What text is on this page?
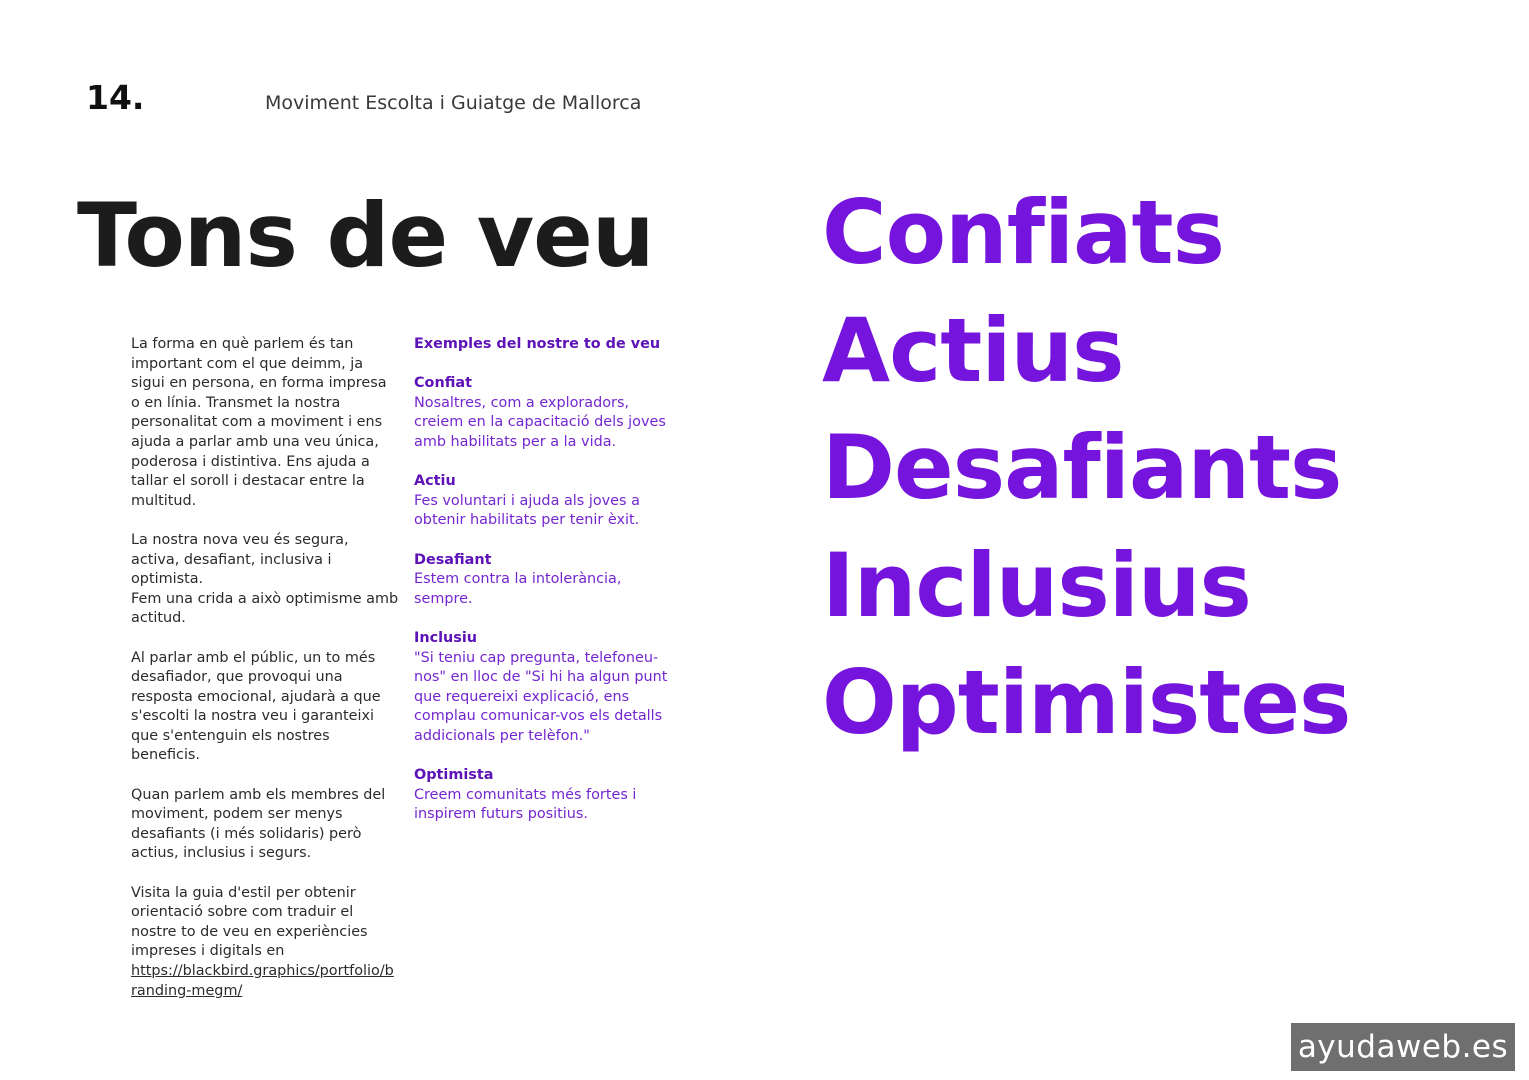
14.	Moviment Escolta i Guiatge de Mallorca
Tons de veu

La forma en què parlem és tan important com el que deimm, ja sigui en persona, en forma impresa o en línia. Transmet la nostra personalitat com a moviment i ens ajuda a parlar amb una veu única, poderosa i distintiva. Ens ajuda a tallar el soroll i destacar entre la multitud.

La nostra nova veu és segura, activa, desafiant, inclusiva i optimista.

Fem una crida a això optimisme amb actitud.

Al parlar amb el públic, un to més desafiador, que provoqui una resposta emocional, ajudarà a que s'escolti la nostra veu i garanteixi que s'entenguin els nostres beneficis.

Quan parlem amb els membres del moviment, podem ser menys desafiants (i més solidaris) però actius, inclusius i segurs.

Visita la guia d'estil per obtenir orientació sobre com traduir el nostre to de veu en experiències impreses i digitals en

https://blackbird.graphics/portfolio/branding-megm/
Exemples del nostre to de veu
Confiat
Nosaltres, com a exploradors, creiem en la capacitació dels joves amb habilitats per a la vida.
Actiu
Fes voluntari i ajuda als joves a obtenir habilitats per tenir èxit.
Desafiant
Estem contra la intolerància, sempre.
Inclusiu
"Si teniu cap pregunta, telefoneu-nos" en lloc de "Si hi ha algun punt que requereixi explicació, ens complau comunicar-vos els detalls addicionals per telèfon."
Optimista
Creem comunitats més fortes i inspirem futurs positius.
Confiats
Actius
Desafiants
Inclusius
Optimistes
ayudaweb.es
